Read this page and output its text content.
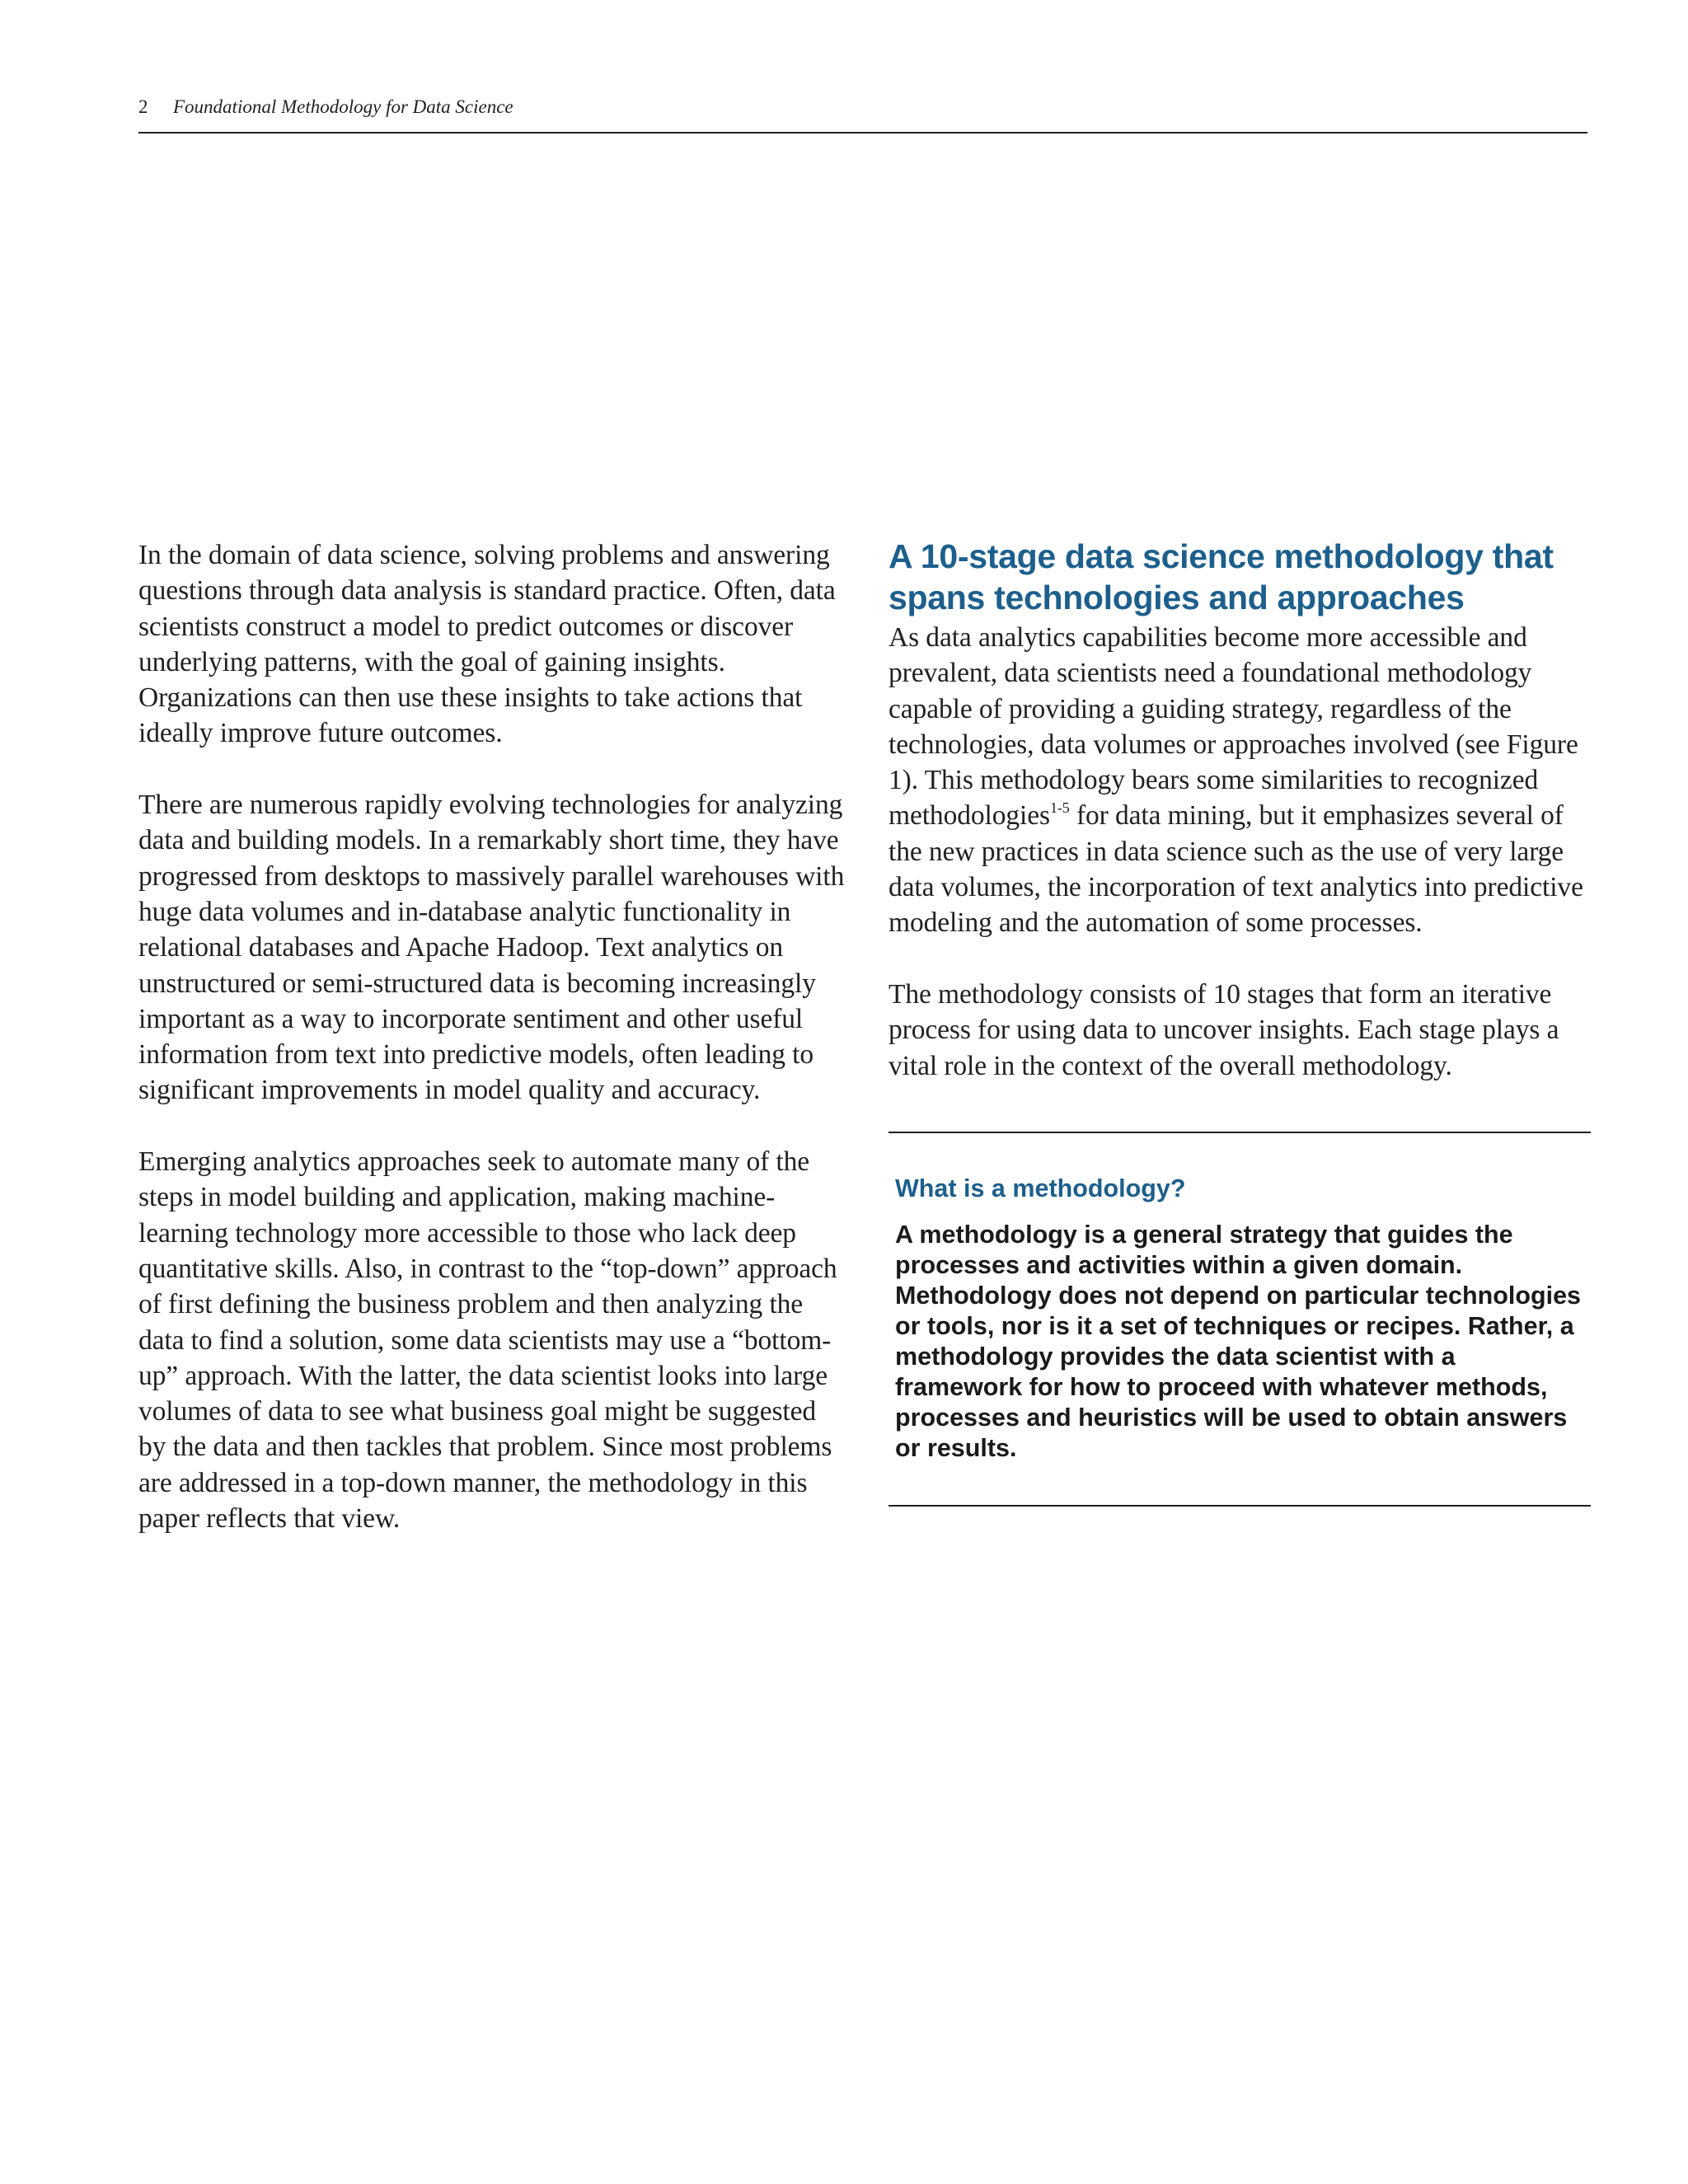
2 Foundational Methodology for Data Science

In the domain of data science, solving problems and answering questions through data analysis is standard practice. Often, data scientists construct a model to predict outcomes or discover underlying patterns, with the goal of gaining insights. Organizations can then use these insights to take actions that ideally improve future outcomes.

There are numerous rapidly evolving technologies for analyzing data and building models. In a remarkably short time, they have progressed from desktops to massively parallel warehouses with huge data volumes and in-database analytic functionality in relational databases and Apache Hadoop. Text analytics on unstructured or semi-structured data is becoming increasingly important as a way to incorporate sentiment and other useful information from text into predictive models, often leading to significant improvements in model quality and accuracy.

Emerging analytics approaches seek to automate many of the steps in model building and application, making machine-learning technology more accessible to those who lack deep quantitative skills. Also, in contrast to the “top-down” approach of first defining the business problem and then analyzing the data to find a solution, some data scientists may use a “bottom-up” approach. With the latter, the data scientist looks into large volumes of data to see what business goal might be suggested by the data and then tackles that problem. Since most problems are addressed in a top-down manner, the methodology in this paper reflects that view.

A 10-stage data science methodology that spans technologies and approaches

As data analytics capabilities become more accessible and prevalent, data scientists need a foundational methodology capable of providing a guiding strategy, regardless of the technologies, data volumes or approaches involved (see Figure 1). This methodology bears some similarities to recognized methodologies$^{1-5}$ for data mining, but it emphasizes several of the new practices in data science such as the use of very large data volumes, the incorporation of text analytics into predictive modeling and the automation of some processes.

The methodology consists of 10 stages that form an iterative process for using data to uncover insights. Each stage plays a vital role in the context of the overall methodology.

What is a methodology?

A methodology is a general strategy that guides the processes and activities within a given domain. Methodology does not depend on particular technologies or tools, nor is it a set of techniques or recipes. Rather, a methodology provides the data scientist with a framework for how to proceed with whatever methods, processes and heuristics will be used to obtain answers or results.
